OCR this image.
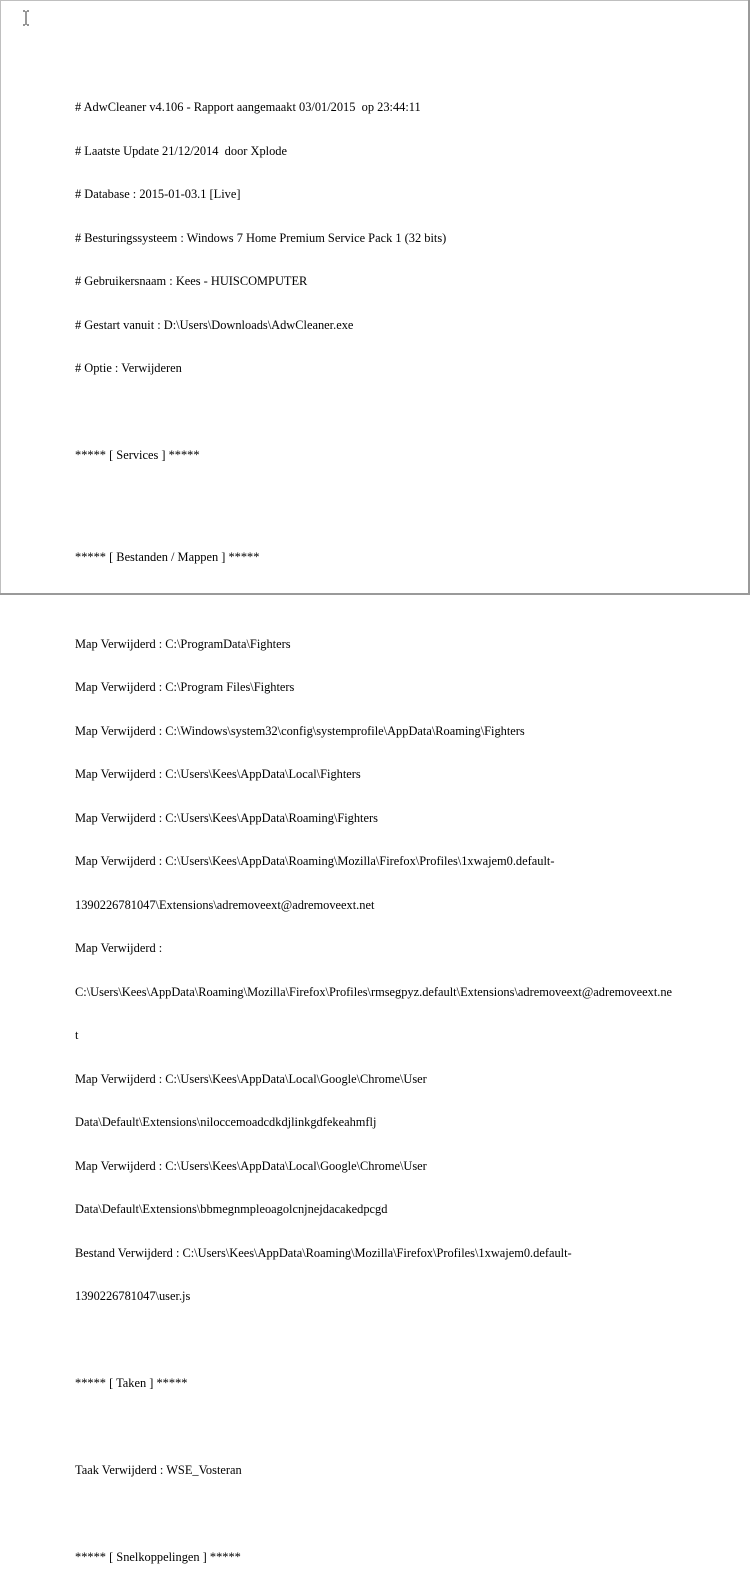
# AdwCleaner v4.106 - Rapport aangemaakt 03/01/2015  op 23:44:11

# Laatste Update 21/12/2014  door Xplode

# Database : 2015-01-03.1 [Live]

# Besturingssysteem : Windows 7 Home Premium Service Pack 1 (32 bits)

# Gebruikersnaam : Kees - HUISCOMPUTER

# Gestart vanuit : D:\Users\Downloads\AdwCleaner.exe

# Optie : Verwijderen

***** [ Services ] *****

***** [ Bestanden / Mappen ] *****

Map Verwijderd : C:\ProgramData\Fighters

Map Verwijderd : C:\Program Files\Fighters

Map Verwijderd : C:\Windows\system32\config\systemprofile\AppData\Roaming\Fighters

Map Verwijderd : C:\Users\Kees\AppData\Local\Fighters

Map Verwijderd : C:\Users\Kees\AppData\Roaming\Fighters

Map Verwijderd : C:\Users\Kees\AppData\Roaming\Mozilla\Firefox\Profiles\1xwajem0.default-

1390226781047\Extensions\adremoveext@adremoveext.net

Map Verwijderd :

C:\Users\Kees\AppData\Roaming\Mozilla\Firefox\Profiles\rmsegpyz.default\Extensions\adremoveext@adremoveext.ne

t

Map Verwijderd : C:\Users\Kees\AppData\Local\Google\Chrome\User

Data\Default\Extensions\niloccemoadcdkdjlinkgdfekeahmflj

Map Verwijderd : C:\Users\Kees\AppData\Local\Google\Chrome\User

Data\Default\Extensions\bbmegnmpleoagolcnjnejdacakedpcgd

Bestand Verwijderd : C:\Users\Kees\AppData\Roaming\Mozilla\Firefox\Profiles\1xwajem0.default-

1390226781047\user.js

***** [ Taken ] *****

Taak Verwijderd : WSE_Vosteran

***** [ Snelkoppelingen ] *****
